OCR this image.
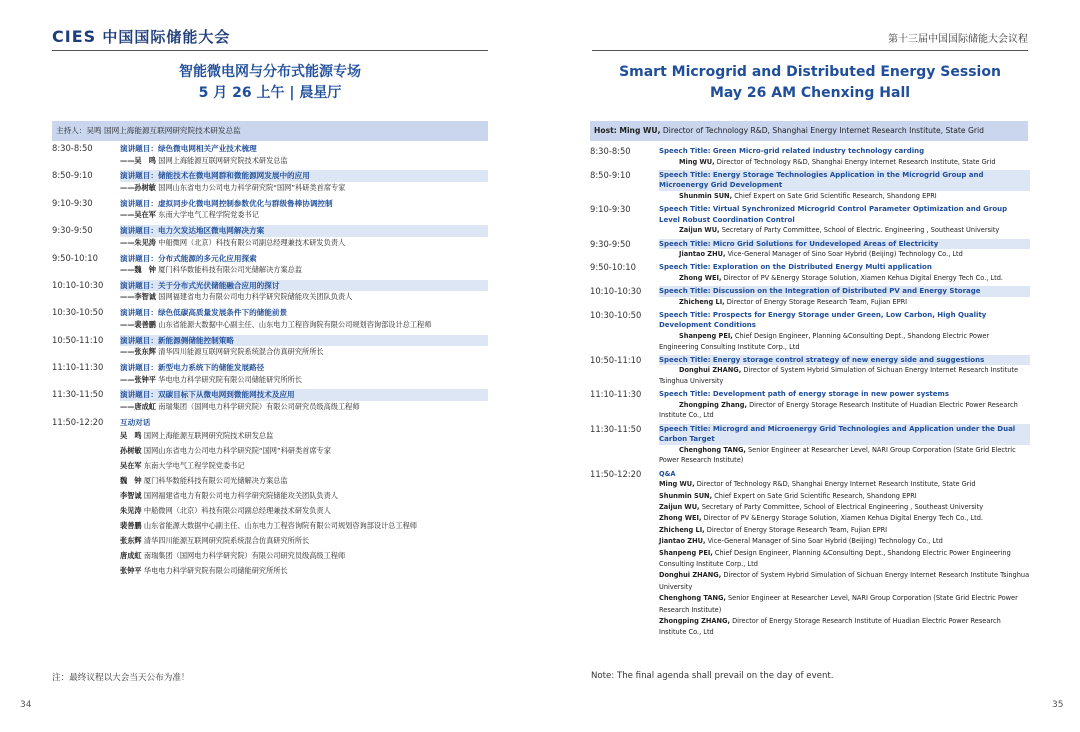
CIES 中国国际储能大会
智能微电网与分布式能源专场
5 月 26 上午 | 晨星厅
主持人：吴鸣 国网上海能源互联网研究院技术研发总监
8:30-8:50	演讲题目：绿色微电网相关产业技术梳理
——吴　鸣 国网上海能源互联网研究院技术研发总监
8:50-9:10	演讲题目：储能技术在微电网群和微能源网发展中的应用
——孙树敏 国网山东省电力公司电力科学研究院“国网”科研类首席专家
9:10-9:30	演讲题目：虚拟同步化微电网控制参数优化与群级鲁棒协调控制
——吴在军 东南大学电气工程学院党委书记
9:30-9:50	演讲题目：电力欠发达地区微电网解决方案
——朱见涛 中船微网（北京）科技有限公司副总经理兼技术研发负责人
9:50-10:10	演讲题目：分布式能源的多元化应用探索
——魏　钟 厦门科华数能科技有限公司光储解决方案总监
10:10-10:30 演讲题目：关于分布式光伏储能融合应用的探讨
——李智诚 国网福建省电力有限公司电力科学研究院储能攻关团队负责人
10:30-10:50 演讲题目：绿色低碳高质量发展条件下的储能前景
——裴善鹏 山东省能源大数据中心副主任、山东电力工程咨询院有限公司规划咨询部设计总工程师
10:50-11:10 演讲题目：新能源侧储能控制策略
——张东辉 清华四川能源互联网研究院系统混合仿真研究所所长
11:10-11:30 演讲题目：新型电力系统下的储能发展路径
——张钟平 华电电力科学研究院有限公司储能研究所所长
11:30-11:50 演讲题目：双碳目标下从微电网到微能网技术及应用
——唐成虹 南瑞集团（国网电力科学研究院）有限公司研究员级高级工程师
11:50-12:20 互动对话
吴　鸣 国网上海能源互联网研究院技术研发总监
孙树敏 国网山东省电力公司电力科学研究院“国网”科研类首席专家
吴在军 东南大学电气工程学院党委书记
魏　钟 厦门科华数能科技有限公司光储解决方案总监
李智诚 国网福建省电力有限公司电力科学研究院储能攻关团队负责人
朱见涛 中船微网（北京）科技有限公司副总经理兼技术研发负责人
裴善鹏 山东省能源大数据中心副主任、山东电力工程咨询院有限公司规划咨询部设计总工程师
张东辉 清华四川能源互联网研究院系统混合仿真研究所所长
唐成虹 南瑞集团（国网电力科学研究院）有限公司研究员级高级工程师
张钟平 华电电力科学研究院有限公司储能研究所所长
注：最终议程以大会当天公布为准！
34
第十三届中国国际储能大会议程
Smart Microgrid and Distributed Energy Session
May 26 AM Chenxing Hall
Host: Ming WU, Director of Technology R&D, Shanghai Energy Internet Research Institute, State Grid
8:30-8:50	Speech Title: Green Micro-grid related industry technology carding
Ming WU, Director of Technology R&D, Shanghai Energy Internet Research Institute, State Grid
8:50-9:10	Speech Title: Energy Storage Technologies Application in the Microgrid Group and Microenergy Grid Development
Shunmin SUN, Chief Expert on Sate Grid Scientific Research, Shandong EPRI
9:10-9:30	Speech Title: Virtual Synchronized Microgrid Control Parameter Optimization and Group Level Robust Coordination Control
Zaijun WU, Secretary of Party Committee, School of Electric. Engineering , Southeast University
9:30-9:50	Speech Title: Micro Grid Solutions for Undeveloped Areas of Electricity
Jiantao ZHU, Vice-General Manager of Sino Soar Hybrid (Beijing) Technology Co., Ltd
9:50-10:10	Speech Title: Exploration on the Distributed Energy Multi application
Zhong WEI, Director of PV &Energy Storage Solution, Xiamen Kehua Digital Energy Tech Co., Ltd.
10:10-10:30	Speech Title: Discussion on the Integration of Distributed PV and Energy Storage
Zhicheng LI, Director of Energy Storage Research Team, Fujian EPRI
10:30-10:50	Speech Title: Prospects for Energy Storage under Green, Low Carbon, High Quality Development Conditions
Shanpeng PEI, Chief Design Engineer, Planning &Consulting Dept., Shandong Electric Power Engineering Consulting Institute Corp., Ltd
10:50-11:10	Speech Title: Energy storage control strategy of new energy side and suggestions
Donghui ZHANG, Director of System Hybrid Simulation of Sichuan Energy Internet Research Institute Tsinghua University
11:10-11:30	Speech Title: Development path of energy storage in new power systems
Zhongping Zhang, Director of Energy Storage Research Institute of Huadian Electric Power Research Institute Co., Ltd
11:30-11:50	Speech Title: Microgrd and Microenergy Grid Technologies and Application under the Dual Carbon Target
Chenghong TANG, Senior Engineer at Researcher Level, NARI Group Corporation (State Grid Electric Power Research Institute)
11:50-12:20	Q&A
Ming WU, Director of Technology R&D, Shanghai Energy Internet Research Institute, State Grid
Shunmin SUN, Chief Expert on Sate Grid Scientific Research, Shandong EPRI
Zaijun WU, Secretary of Party Committee, School of Electrical Engineering , Southeast University
Zhong WEI, Director of PV &Energy Storage Solution, Xiamen Kehua Digital Energy Tech Co., Ltd.
Zhicheng LI, Director of Energy Storage Research Team, Fujian EPRI
Jiantao ZHU, Vice-General Manager of Sino Soar Hybrid (Beijing) Technology Co., Ltd
Shanpeng PEI, Chief Design Engineer, Planning &Consulting Dept., Shandong Electric Power Engineering Consulting Institute Corp., Ltd
Donghui ZHANG, Director of System Hybrid Simulation of Sichuan Energy Internet Research Institute Tsinghua University
Chenghong TANG, Senior Engineer at Researcher Level, NARI Group Corporation (State Grid Electric Power Research Institute)
Zhongping ZHANG, Director of Energy Storage Research Institute of Huadian Electric Power Research Institute Co., Ltd
Note: The final agenda shall prevail on the day of event.
35
